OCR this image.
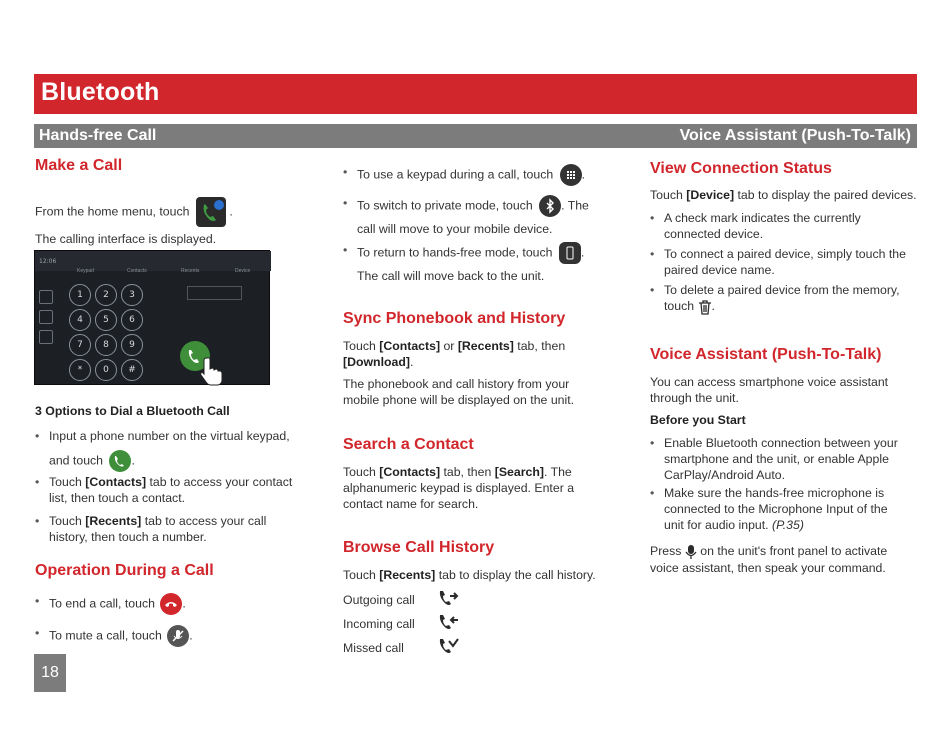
Bluetooth
Hands-free Call	Voice Assistant (Push-To-Talk)
Make a Call
From the home menu, touch	.
The calling interface is displayed.
12:06
Keypad	Contacts	Recents	Device
1	2	3
4	5	6
7	8	9
*	0	#
3 Options to Dial a Bluetooth Call
• Input a phone number on the virtual keypad,
and touch .
• Touch [Contacts] tab to access your contact
list, then touch a contact.
• Touch [Recents] tab to access your call
history, then touch a number.
Operation During a Call
• To end a call, touch .
• To mute a call, touch .
18
• To use a keypad during a call, touch .
• To switch to private mode, touch . The
call will move to your mobile device.
• To return to hands-free mode, touch .
The call will move back to the unit.
Sync Phonebook and History
Touch [Contacts] or [Recents] tab, then
[Download].
The phonebook and call history from your
mobile phone will be displayed on the unit.
Search a Contact
Touch [Contacts] tab, then [Search]. The
alphanumeric keypad is displayed. Enter a
contact name for search.
Browse Call History
Touch [Recents] tab to display the call history.
Outgoing call
Incoming call
Missed call
View Connection Status
Touch [Device] tab to display the paired devices.
• A check mark indicates the currently
connected device.
• To connect a paired device, simply touch the
paired device name.
• To delete a paired device from the memory,
touch .
Voice Assistant (Push-To-Talk)
You can access smartphone voice assistant
through the unit.
Before you Start
• Enable Bluetooth connection between your
smartphone and the unit, or enable Apple
CarPlay/Android Auto.
• Make sure the hands-free microphone is
connected to the Microphone Input of the
unit for audio input. (P.35)
Press on the unit's front panel to activate
voice assistant, then speak your command.
